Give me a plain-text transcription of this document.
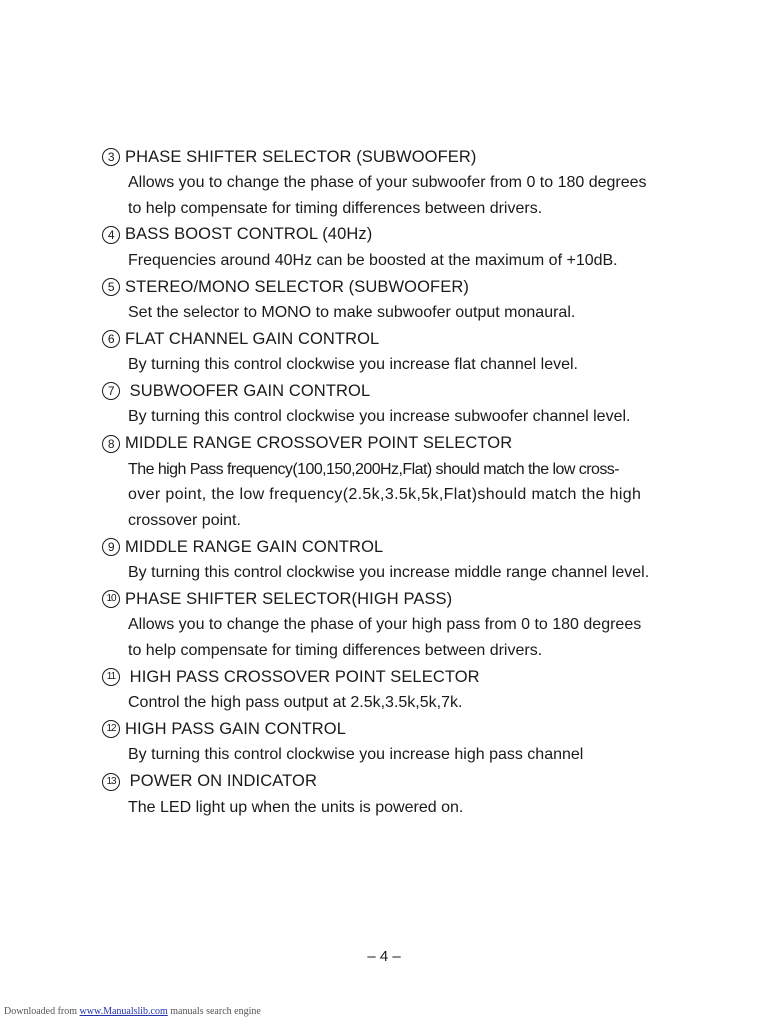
3 PHASE SHIFTER SELECTOR (SUBWOOFER)
Allows you to change the phase of your subwoofer from 0 to 180 degrees
to help compensate for timing differences between drivers.
4 BASS BOOST CONTROL (40Hz)
Frequencies around 40Hz can be boosted at the maximum of +10dB.
5 STEREO/MONO SELECTOR (SUBWOOFER)
Set the selector to MONO to make subwoofer output monaural.
6 FLAT CHANNEL GAIN CONTROL
By turning this control clockwise you increase flat channel level.
7 SUBWOOFER GAIN CONTROL
By turning this control clockwise you increase subwoofer channel level.
8 MIDDLE RANGE CROSSOVER POINT SELECTOR
The high Pass frequency(100,150,200Hz,Flat) should match the low cross-
over point, the low frequency(2.5k,3.5k,5k,Flat)should match the high
crossover point.
9 MIDDLE RANGE GAIN CONTROL
By turning this control clockwise you increase middle range channel level.
10 PHASE SHIFTER SELECTOR(HIGH PASS)
Allows you to change the phase of your high pass from 0 to 180 degrees
to help compensate for timing differences between drivers.
11 HIGH PASS CROSSOVER POINT SELECTOR
Control the high pass output at 2.5k,3.5k,5k,7k.
12 HIGH PASS GAIN CONTROL
By turning this control clockwise you increase high pass channel
13 POWER ON INDICATOR
The LED light up when the units is powered on.
– 4 –
Downloaded from www.Manualslib.com manuals search engine
